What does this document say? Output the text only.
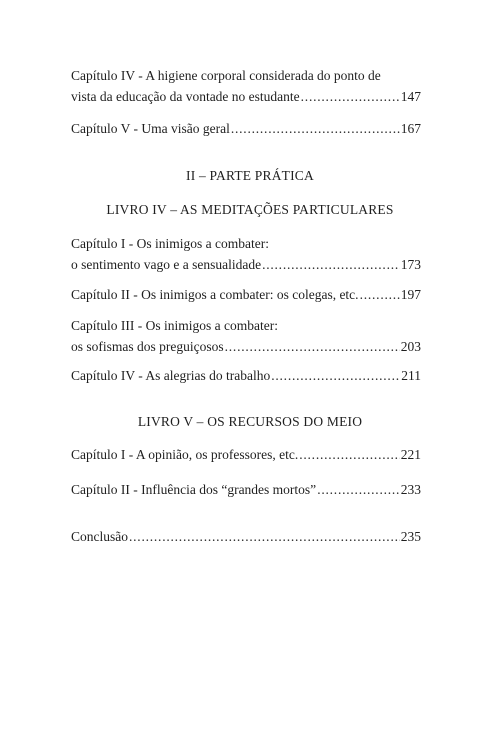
Capítulo IV - A higiene corporal considerada do ponto de
vista da educação da vontade no estudante . . .	147
Capítulo V - Uma visão geral . . .	167
II – PARTE PRÁTICA
LIVRO IV – AS MEDITAÇÕES PARTICULARES
Capítulo I - Os inimigos a combater:
o sentimento vago e a sensualidade . . .	173
Capítulo II - Os inimigos a combater: os colegas, etc. . . .	197
Capítulo III - Os inimigos a combater:
os sofismas dos preguiçosos . . .	203
Capítulo IV - As alegrias do trabalho . . .	211
LIVRO V – OS RECURSOS DO MEIO
Capítulo I - A opinião, os professores, etc. . . .	221
Capítulo II - Influência dos “grandes mortos” . . .	233
Conclusão . . .	235
